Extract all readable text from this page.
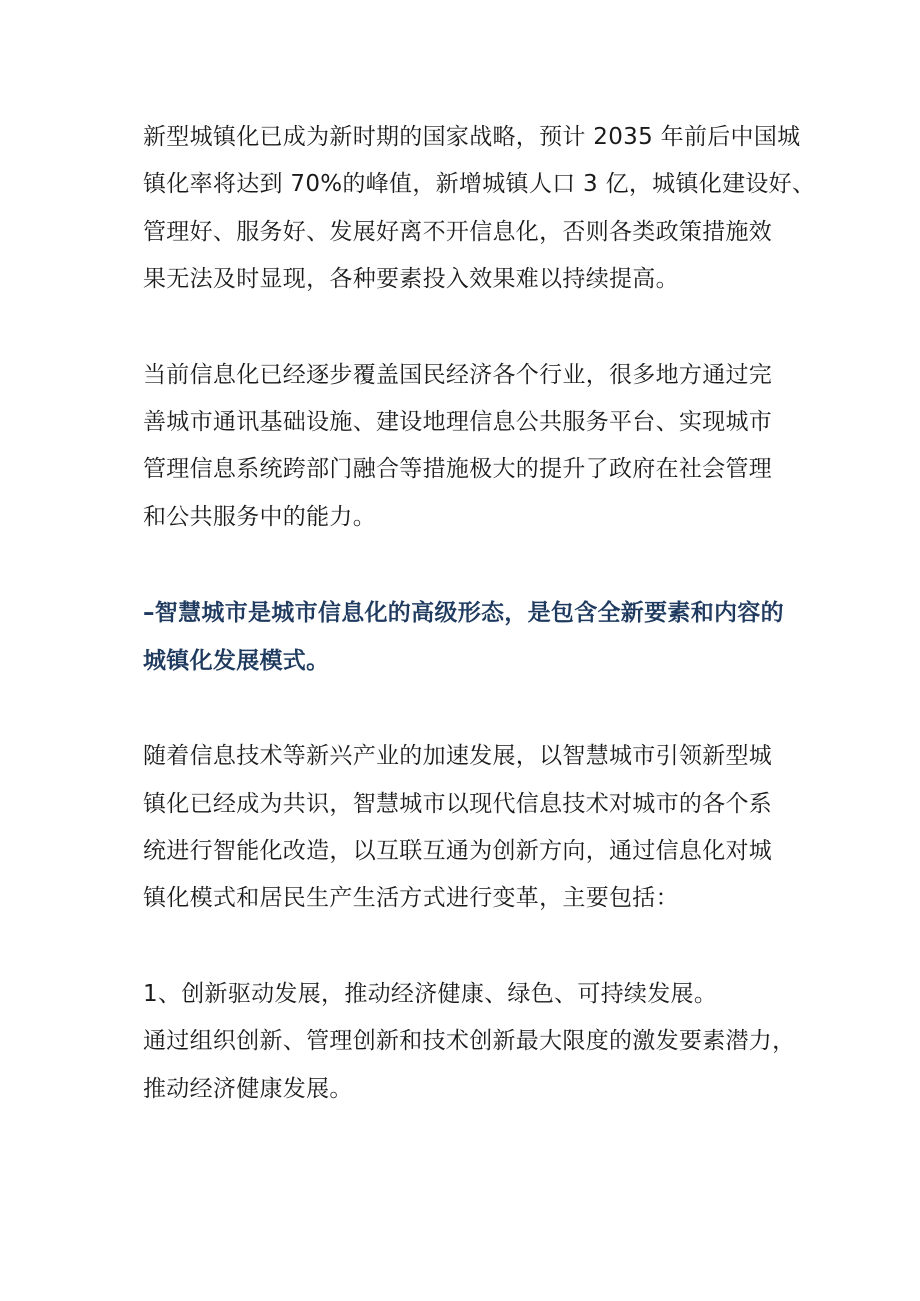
新型城镇化已成为新时期的国家战略，预计 2035 年前后中国城
镇化率将达到 70%的峰值，新增城镇人口 3 亿，城镇化建设好、
管理好、服务好、发展好离不开信息化，否则各类政策措施效
果无法及时显现，各种要素投入效果难以持续提高。

当前信息化已经逐步覆盖国民经济各个行业，很多地方通过完
善城市通讯基础设施、建设地理信息公共服务平台、实现城市
管理信息系统跨部门融合等措施极大的提升了政府在社会管理
和公共服务中的能力。

–智慧城市是城市信息化的高级形态，是包含全新要素和内容的
城镇化发展模式。

随着信息技术等新兴产业的加速发展，以智慧城市引领新型城
镇化已经成为共识，智慧城市以现代信息技术对城市的各个系
统进行智能化改造，以互联互通为创新方向，通过信息化对城
镇化模式和居民生产生活方式进行变革，主要包括：

1、创新驱动发展，推动经济健康、绿色、可持续发展。
通过组织创新、管理创新和技术创新最大限度的激发要素潜力，
推动经济健康发展。
